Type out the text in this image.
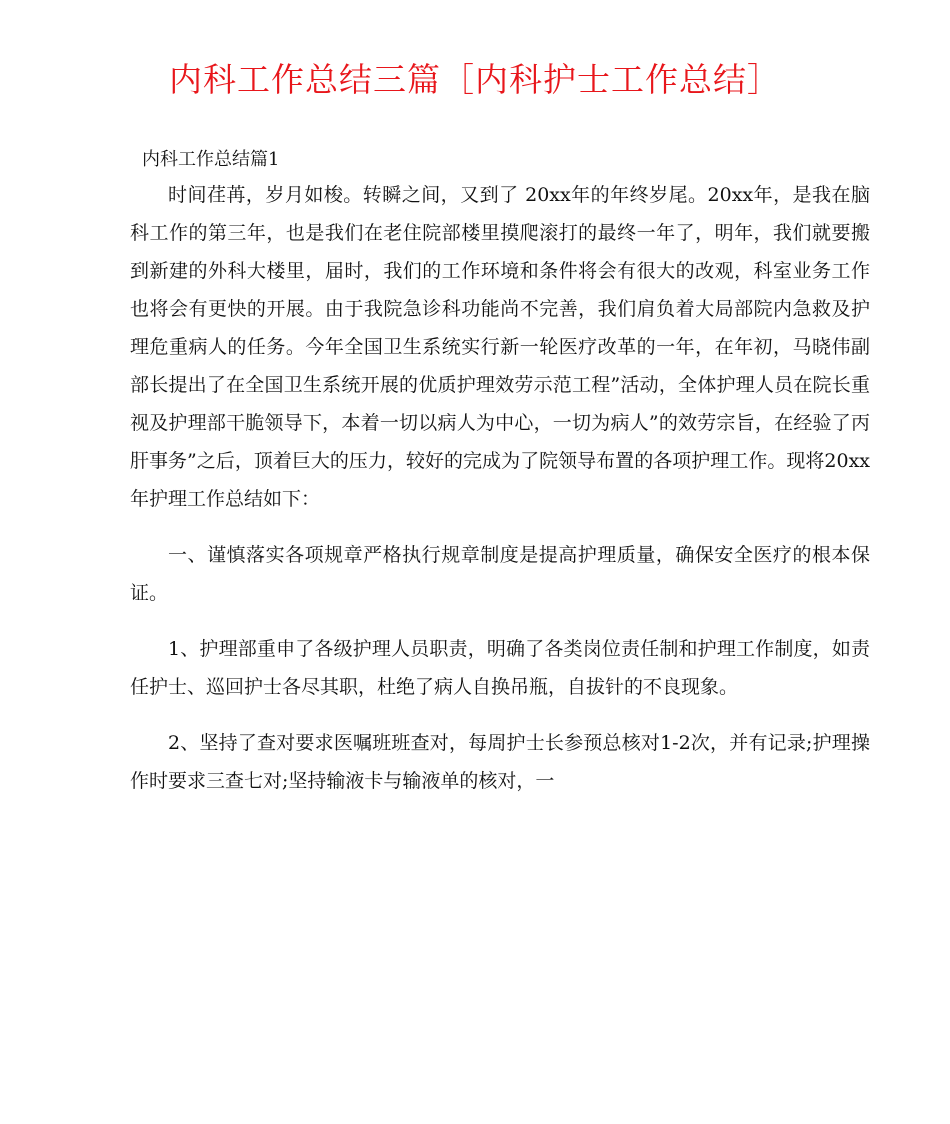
内科工作总结三篇［内科护士工作总结］
内科工作总结篇1

时间荏苒，岁月如梭。转瞬之间，又到了 20xx年的年终岁尾。20xx年，是我在脑科工作的第三年，也是我们在老住院部楼里摸爬滚打的最终一年了，明年，我们就要搬到新建的外科大楼里，届时，我们的工作环境和条件将会有很大的改观，科室业务工作也将会有更快的开展。由于我院急诊科功能尚不完善，我们肩负着大局部院内急救及护理危重病人的任务。今年全国卫生系统实行新一轮医疗改革的一年，在年初，马晓伟副部长提出了在全国卫生系统开展的优质护理效劳示范工程”活动，全体护理人员在院长重视及护理部干脆领导下，本着一切以病人为中心，一切为病人”的效劳宗旨，在经验了丙肝事务”之后，顶着巨大的压力，较好的完成为了院领导布置的各项护理工作。现将20xx年护理工作总结如下：

一、谨慎落实各项规章严格执行规章制度是提高护理质量，确保安全医疗的根本保证。

1、护理部重申了各级护理人员职责，明确了各类岗位责任制和护理工作制度，如责任护士、巡回护士各尽其职，杜绝了病人自换吊瓶，自拔针的不良现象。

2、坚持了查对要求医嘱班班查对，每周护士长参预总核对1-2次，并有记录;护理操作时要求三查七对;坚持输液卡与输液单的核对，一
